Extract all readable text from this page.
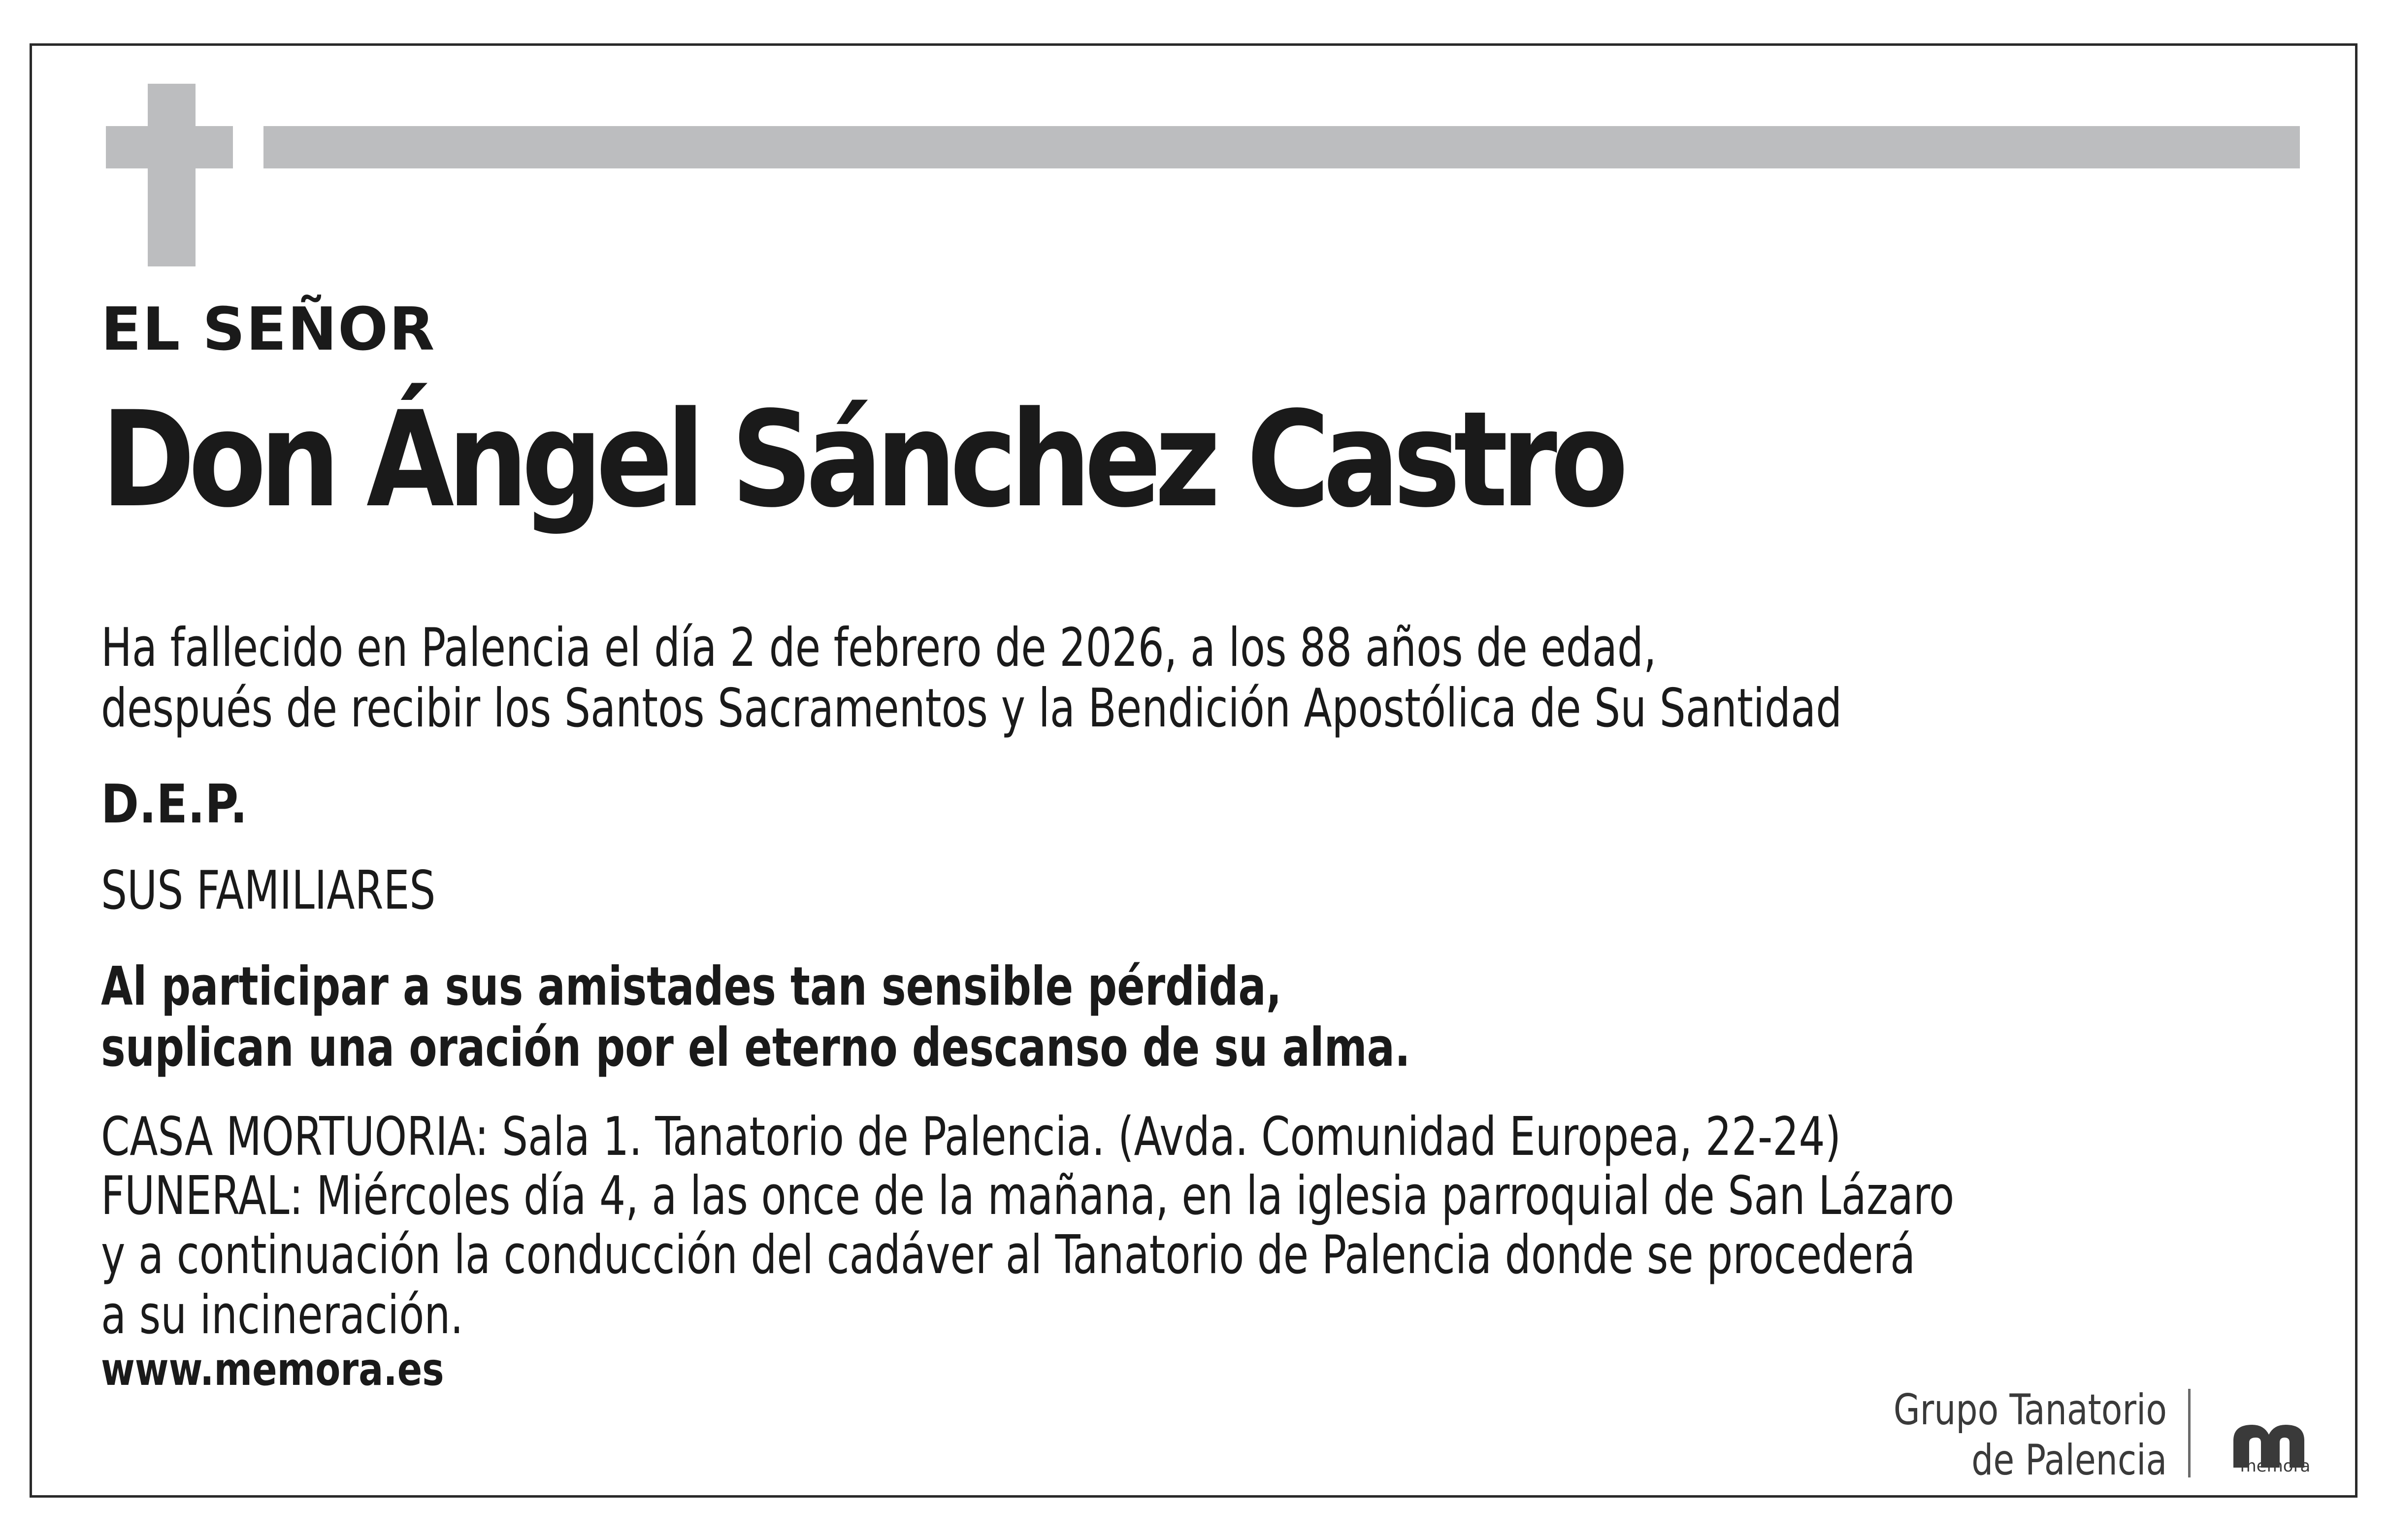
EL SEÑOR

Don Ángel Sánchez Castro

Ha fallecido en Palencia el día 2 de febrero de 2026, a los 88 años de edad,

después de recibir los Santos Sacramentos y la Bendición Apostólica de Su Santidad

D.E.P.

SUS FAMILIARES

Al participar a sus amistades tan sensible pérdida,

suplican una oración por el eterno descanso de su alma.

CASA MORTUORIA: Sala 1. Tanatorio de Palencia. (Avda. Comunidad Europea, 22-24)

FUNERAL: Miércoles día 4, a las once de la mañana, en la iglesia parroquial de San Lázaro

y a continuación la conducción del cadáver al Tanatorio de Palencia donde se procederá

a su incineración.

www.memora.es

Grupo Tanatorio
de Palencia	mémora
